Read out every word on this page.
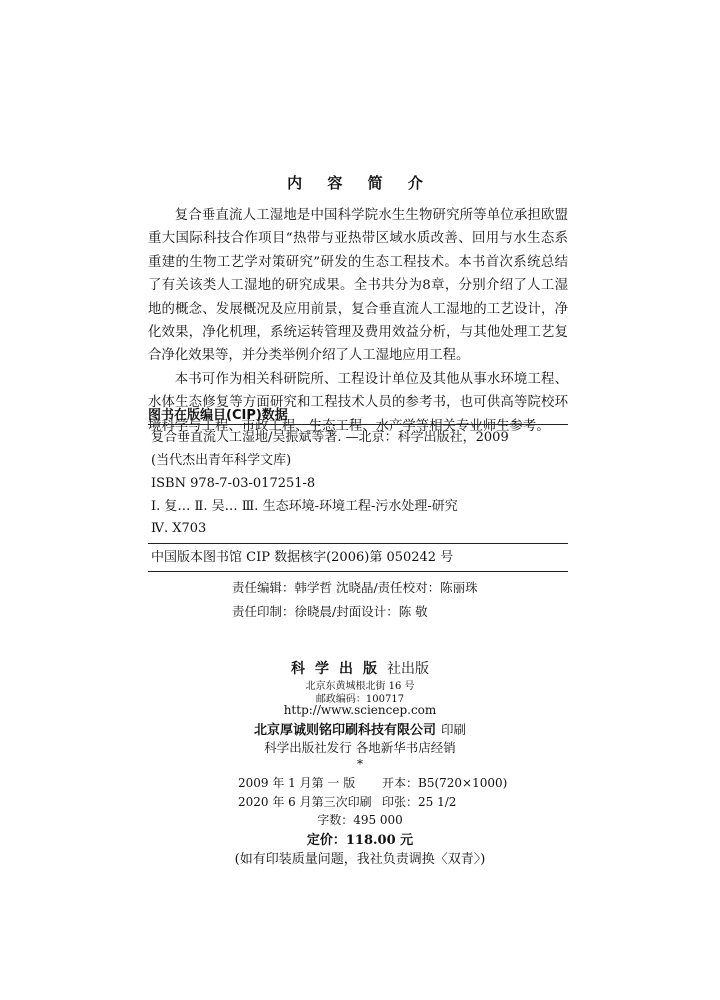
内 容 简 介

复合垂直流人工湿地是中国科学院水生生物研究所等单位承担欧盟重大国际科技合作项目“热带与亚热带区域水质改善、回用与水生态系重建的生物工艺学对策研究”研发的生态工程技术。本书首次系统总结了有关该类人工湿地的研究成果。全书共分为8章，分别介绍了人工湿地的概念、发展概况及应用前景，复合垂直流人工湿地的工艺设计，净化效果，净化机理，系统运转管理及费用效益分析，与其他处理工艺复合净化效果等，并分类举例介绍了人工湿地应用工程。

本书可作为相关科研院所、工程设计单位及其他从事水环境工程、水体生态修复等方面研究和工程技术人员的参考书，也可供高等院校环境科学与工程、市政工程、生态工程、水产学等相关专业师生参考。

图书在版编目(CIP)数据
复合垂直流人工湿地/吴振斌等著. —北京：科学出版社，2009
(当代杰出青年科学文库)
ISBN 978-7-03-017251-8
Ⅰ. 复… Ⅱ. 吴… Ⅲ. 生态环境-环境工程-污水处理-研究
Ⅳ. X703
中国版本图书馆 CIP 数据核字(2006)第 050242 号
责任编辑：韩学哲 沈晓晶/责任校对：陈丽珠
责任印制：徐晓晨/封面设计：陈 敬
科学出版社出版
北京东黄城根北街 16 号
邮政编码：100717
http://www.sciencep.com
北京厚诚则铭印刷科技有限公司 印刷
科学出版社发行 各地新华书店经销
*
2009 年 1 月第 一 版 开本：B5(720×1000)
2020 年 6 月第三次印刷 印张：25 1/2
字数：495 000
定价：118.00 元
(如有印装质量问题，我社负责调换〈双青〉)
